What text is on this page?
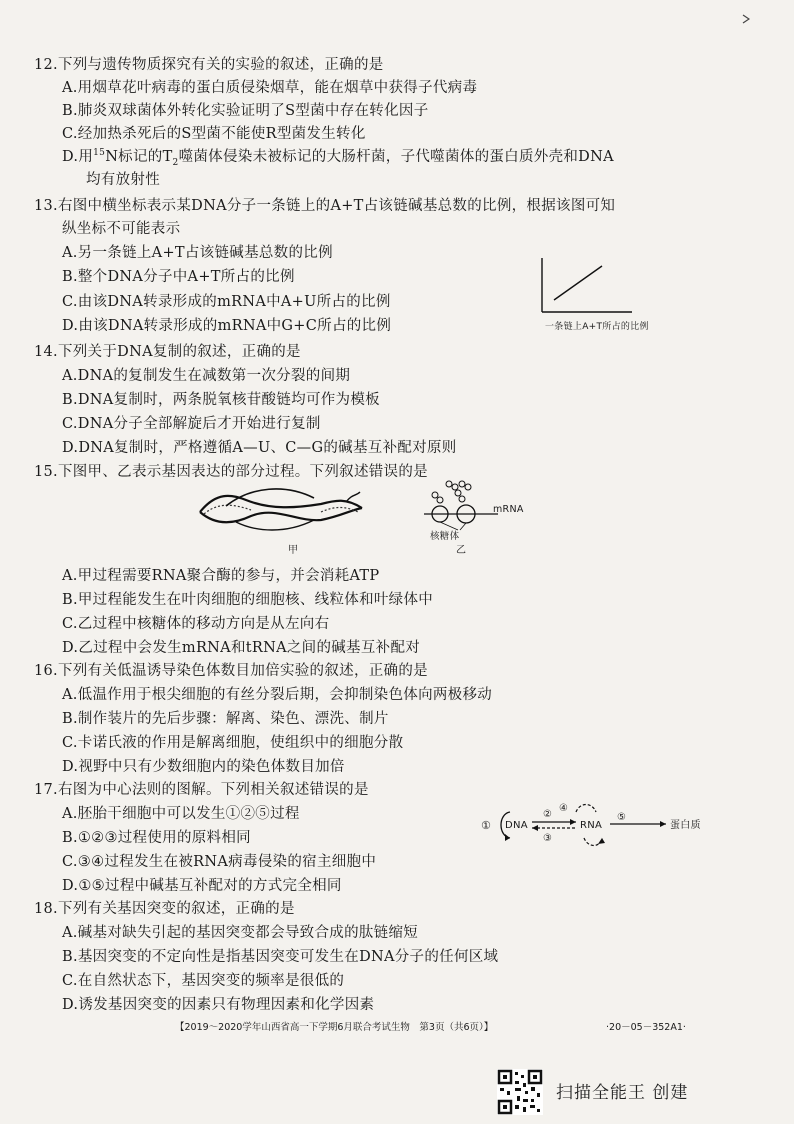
12.下列与遗传物质探究有关的实验的叙述，正确的是
A.用烟草花叶病毒的蛋白质侵染烟草，能在烟草中获得子代病毒
B.肺炎双球菌体外转化实验证明了S型菌中存在转化因子
C.经加热杀死后的S型菌不能使R型菌发生转化
D.用$^{15}$N标记的$T_2$噬菌体侵染未被标记的大肠杆菌，子代噬菌体的蛋白质外壳和DNA
均有放射性
13.右图中横坐标表示某DNA分子一条链上的A+T占该链碱基总数的比例，根据该图可知
纵坐标不可能表示
A.另一条链上A+T占该链碱基总数的比例
B.整个DNA分子中A+T所占的比例
C.由该DNA转录形成的mRNA中A+U所占的比例
D.由该DNA转录形成的mRNA中G+C所占的比例	一条链上A+T所占的比例
14.下列关于DNA复制的叙述，正确的是
A.DNA的复制发生在减数第一次分裂的间期
B.DNA复制时，两条脱氧核苷酸链均可作为模板
C.DNA分子全部解旋后才开始进行复制
D.DNA复制时，严格遵循A—U、C—G的碱基互补配对原则
15.下图甲、乙表示基因表达的部分过程。下列叙述错误的是
甲
mRNA
核糖体
乙
A.甲过程需要RNA聚合酶的参与，并会消耗ATP
B.甲过程能发生在叶肉细胞的细胞核、线粒体和叶绿体中
C.乙过程中核糖体的移动方向是从左向右
D.乙过程中会发生mRNA和tRNA之间的碱基互补配对
16.下列有关低温诱导染色体数目加倍实验的叙述，正确的是
A.低温作用于根尖细胞的有丝分裂后期，会抑制染色体向两极移动
B.制作装片的先后步骤：解离、染色、漂洗、制片
C.卡诺氏液的作用是解离细胞，使组织中的细胞分散
D.视野中只有少数细胞内的染色体数目加倍
17.右图为中心法则的图解。下列相关叙述错误的是
A.胚胎干细胞中可以发生①②⑤过程
B.①②③过程使用的原料相同
C.③④过程发生在被RNA病毒侵染的宿主细胞中
D.①⑤过程中碱基互补配对的方式完全相同
① DNA
②
③
④
RNA
⑤
蛋白质
18.下列有关基因突变的叙述，正确的是
A.碱基对缺失引起的基因突变都会导致合成的肽链缩短
B.基因突变的不定向性是指基因突变可发生在DNA分子的任何区域
C.在自然状态下，基因突变的频率是很低的
D.诱发基因突变的因素只有物理因素和化学因素
【2019～2020学年山西省高一下学期6月联合考试生物　第3页（共6页）】	·20－05－352A1·
扫描全能王 创建
